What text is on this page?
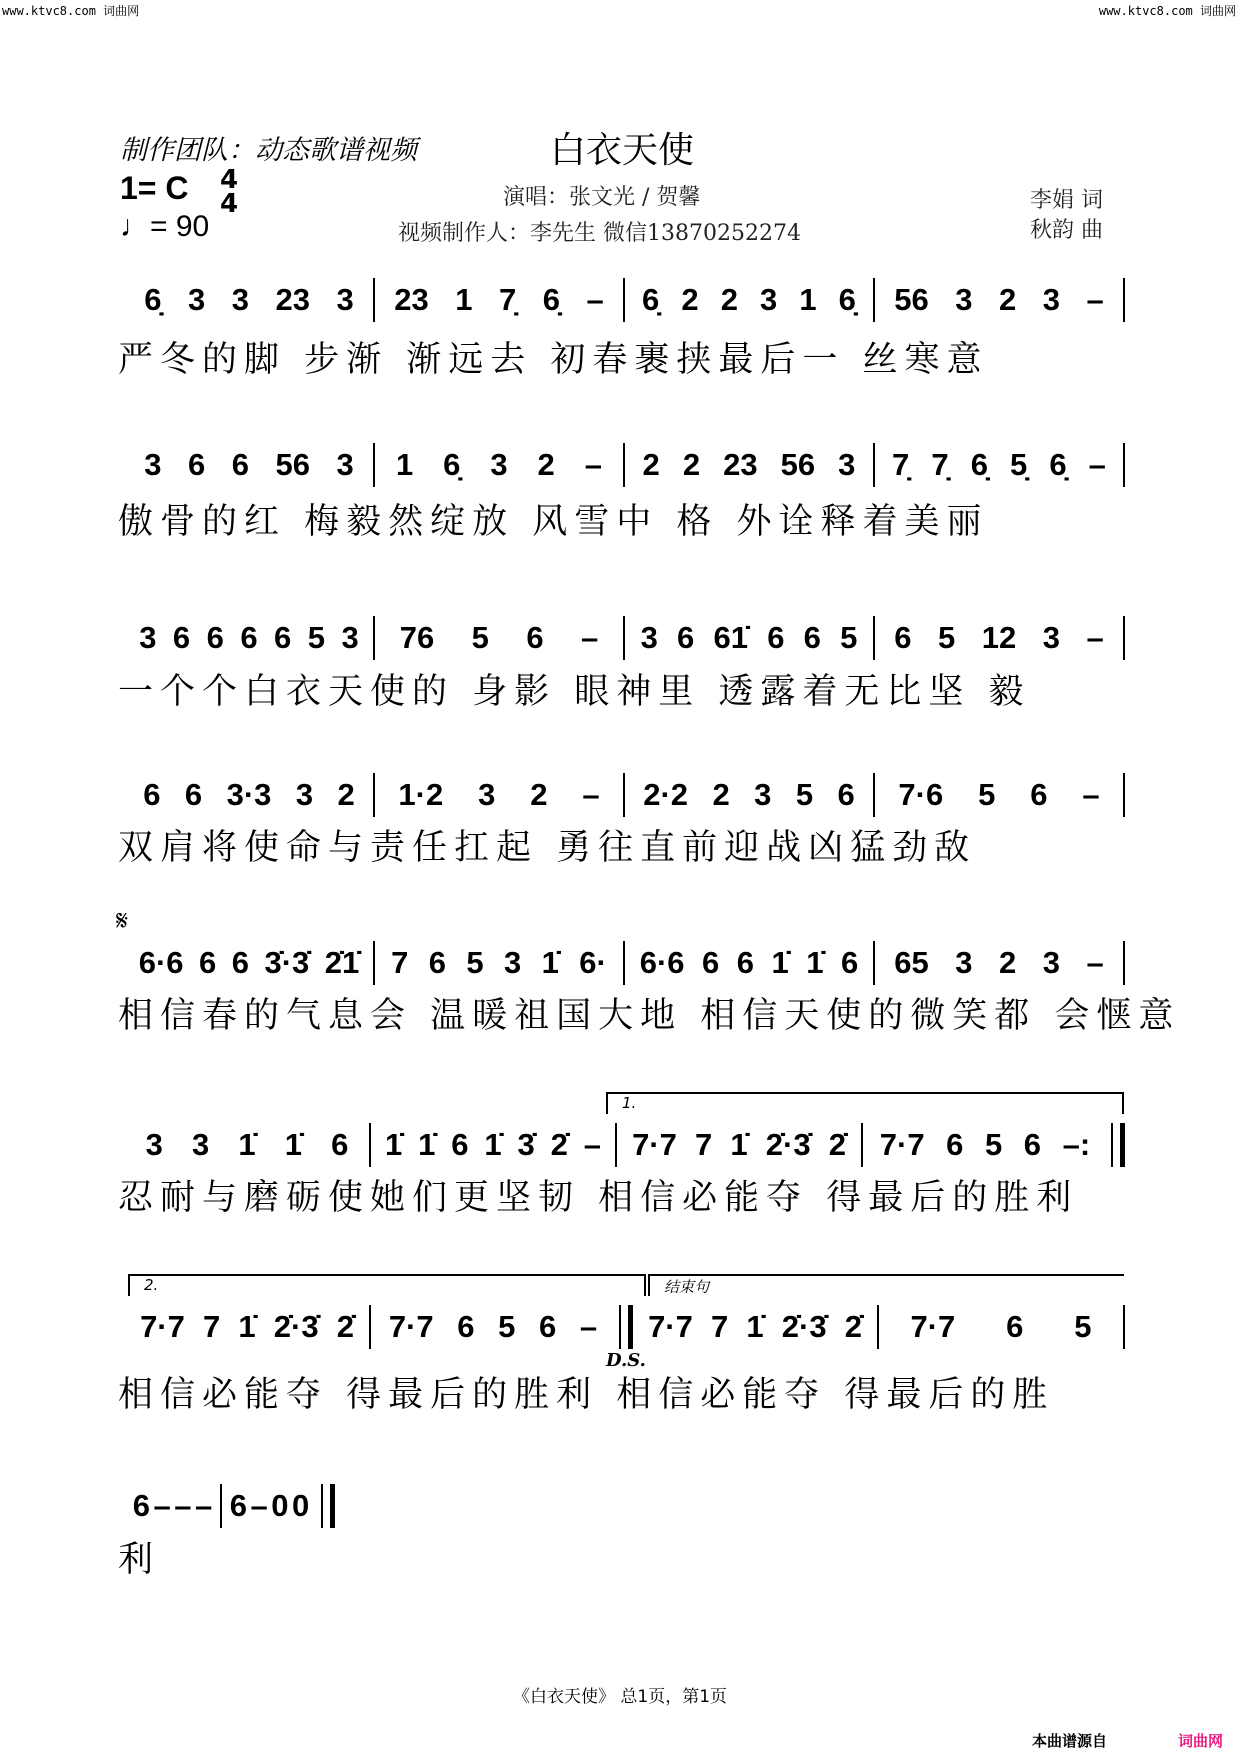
www.ktvc8.com 词曲网	www.ktvc8.com 词曲网
制作团队：动态歌谱视频	白衣天使
1= C 4
4
♩= 90
演唱：张文光 / 贺馨
视频制作人：李先生 微信13870252274
李娟 词
秋韵 曲
𝄋
1.
2.	结束句
D.S.
6̣ 3 3 23 3 23 1 7̣ 6̣ – 6̣ 2 2 3 1 6̣ 56 3 2 3 –
严冬的脚 步渐 渐远去 初春裹挟最后一 丝寒意
3 6 6 56 3 1 6̣ 3 2 – 2 2 23 56 3 7̣ 7̣ 6̣ 5̣ 6̣ –
傲骨的红 梅毅然绽放 风雪中 格 外诠释着美丽
3 6 6 6 6 5 3 76 5 6 – 3 6 61̇ 6 6 5 6 5 12 3 –
一个个白衣天使的 身影 眼神里 透露着无比坚 毅
6 6 3·3 3 2 1·2 3 2 – 2·2 2 3 5 6 7·6 5 6 –
双肩将使命与责任扛起 勇往直前迎战凶猛劲敌
6·6 6 6 3̇·3̇ 2̇1̇ 7 6 5 3 1̇ 6· 6·6 6 6 1̇ 1̇ 6 65 3 2 3 –
相信春的气息会 温暖祖国大地 相信天使的微笑都 会惬意
3 3 1̇ 1̇ 6 1̇ 1̇ 6 1̇ 3̇ 2̇ – 7·7 7 1̇ 2̇·3̇ 2̇ 7·7 6 5 6 –:
忍耐与磨砺使她们更坚韧 相信必能夺 得最后的胜利
7·7 7 1̇ 2̇·3̇ 2̇ 7·7 6 5 6 – 7·7 7 1̇ 2̇·3̇ 2̇ 7·7 6 5
相信必能夺 得最后的胜利 相信必能夺 得最后的胜
6 – – – 6 – 0 0
利
《白衣天使》 总1页，第1页
本曲谱源自	词曲网
